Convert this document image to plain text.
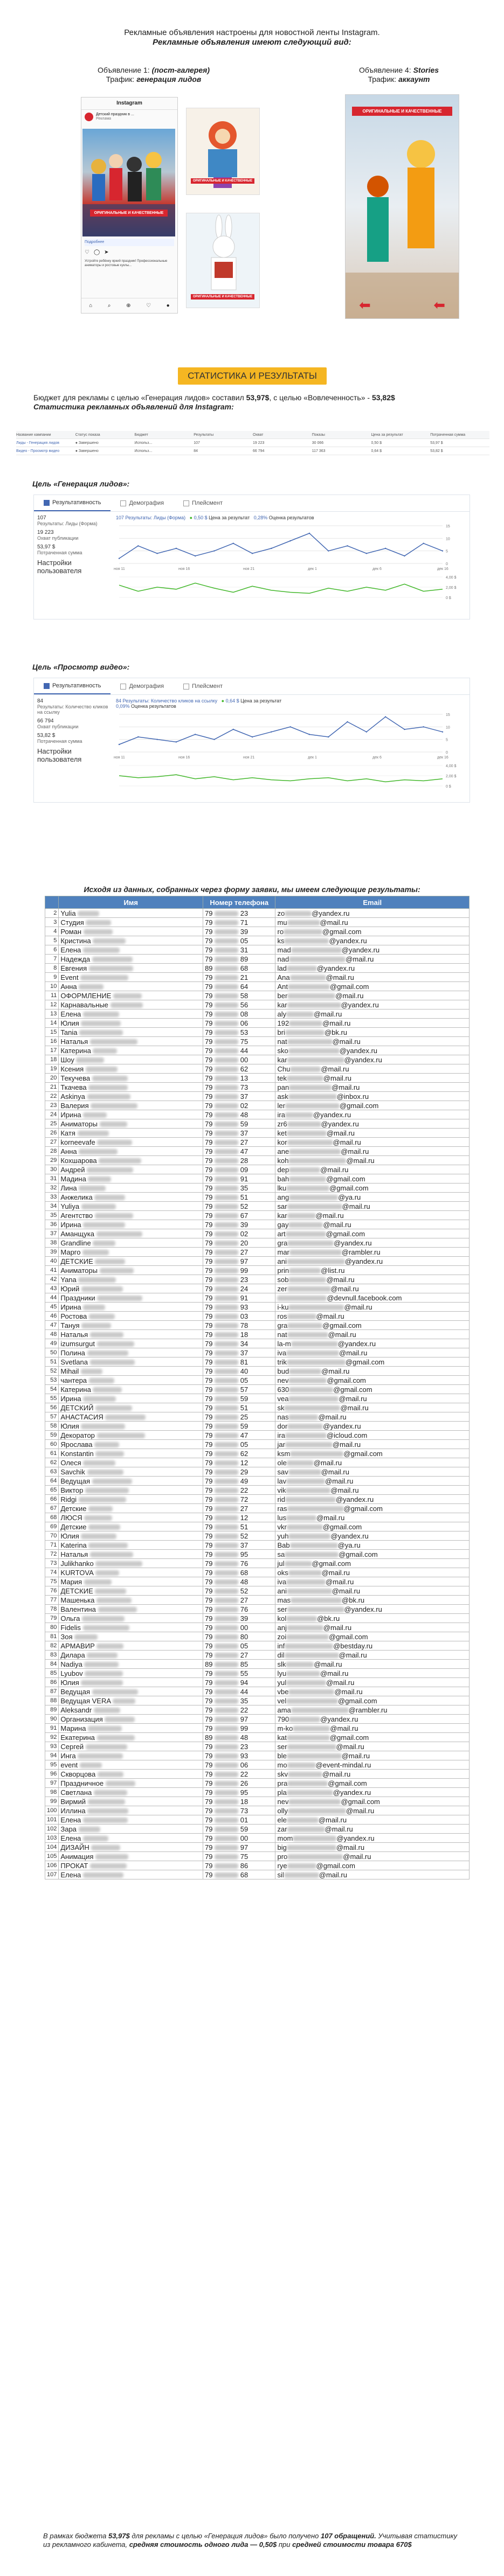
Рекламные объявления настроены для новостной ленты Instagram.
Рекламные объявления имеют следующий вид:
Объявление 1: (пост-галерея)
Трафик: генерация лидов
Объявление 4: Stories
Трафик: аккаунт
Instagram
Детский праздник в ...
Реклама
ОРИГИНАЛЬНЫЕ И КАЧЕСТВЕННЫЕ
Подробнее
♡ ◯ ➤
Устройте ребёнку яркий праздник! Профессиональные аниматоры и ростовые куклы...
⌂	⌕	⊕	♡	●
ОРИГИНАЛЬНЫЕ И КАЧЕСТВЕННЫЕ
ОРИГИНАЛЬНЫЕ И КАЧЕСТВЕННЫЕ
ОРИГИНАЛЬНЫЕ И КАЧЕСТВЕННЫЕ
⬅	⬅
СТАТИСТИКА И РЕЗУЛЬТАТЫ
Бюджет для рекламы с целью «Генерация лидов» составил 53,97$, с целью «Вовлеченность» - 53,82$
Статистика рекламных объявлений для Instagram:
Название кампании	Статус показа	Бюджет	Результаты	Охват	Показы	Цена за результат	Потраченная сумма
Лиды - Генерация лидов	● Завершено	Использ...	107	19 223	30 066	0,50 $	53,97 $
Видео - Просмотр видео	● Завершено	Использ...	84	66 794	117 363	0,64 $	53,82 $
Цель «Генерация лидов»:
Результативность	Демография	Плейсмент
107
Результаты: Лиды (Форма)
19 223
Охват публикации
53,97 $
Потраченная сумма
Настройки пользователя
107 Результаты: Лиды (Форма) ● 0,50 $ Цена за результат 0,28% Оценка результатов
15
10
5
0
ноя 11	ноя 16	ноя 21	дек 1	дек 6	дек 16
4,00 $
2,00 $
0 $
Цель «Просмотр видео»:
Результативность	Демография	Плейсмент
84
Результаты: Количество кликов на ссылку
66 794
Охват публикации
53,82 $
Потраченная сумма
Настройки пользователя
84 Результаты: Количество кликов на ссылку ● 0,64 $ Цена за результат
0,09% Оценка результатов
15
10
5
0
ноя 11	ноя 16	ноя 21	дек 1	дек 6	дек 16
4,00 $
2,00 $
0 $
Исходя из данных, собранных через форму заявки, мы имеем следующие результаты:
	Имя	Номер телефона	Email
2	Yulia	79 23	zo @yandex.ru
3	Студия	79 71	mu @mail.ru
4	Роман	79 39	ro @gmail.com
5	Кристина	79 05	ks @yandex.ru
6	Елена	79 31	mad @yandex.ru
7	Надежда	79 89	nad @mail.ru
8	Евгения	89 68	lad @yandex.ru
9	Event	79 21	Ana @mail.ru
10	Анна	79 64	Ant @gmail.com
11	ОФОРМЛЕНИЕ	79 58	ber @mail.ru
12	Карнавальные	79 56	kar @yandex.ru
13	Елена	79 08	aly @mail.ru
14	Юлия	79 06	192 @mail.ru
15	Tania	79 53	bri @bk.ru
16	Наталья	79 75	nat @mail.ru
17	Катерина	79 44	sko @yandex.ru
18	Шоу	79 00	kar @yandex.ru
19	Ксения	79 62	Chu @mail.ru
20	Текучева	79 13	tek @mail.ru
21	Ткачева	79 73	pan @mail.ru
22	Askinya	79 37	ask @inbox.ru
23	Валерия	79 02	ler @gmail.com
24	Ирина	79 48	ira @yandex.ru
25	Аниматоры	79 59	zr6 @yandex.ru
26	Катя	79 37	ket @mail.ru
27	korneevafe	79 27	kor @mail.ru
28	Анна	79 47	ane @mail.ru
29	Кохшарова	79 28	koh @mail.ru
30	Андрей	79 09	dep @mail.ru
31	Мадина	79 91	bah @gmail.com
32	Лина	79 35	lku @gmail.com
33	Анжелика	79 51	ang @ya.ru
34	Yuliya	79 52	sar @mail.ru
35	Агентство	79 67	kar @mail.ru
36	Ирина	79 39	gay @mail.ru
37	Аманщука	79 02	art @gmail.com
38	Grandline	79 20	gra @yandex.ru
39	Марго	79 27	mar @rambler.ru
40	ДЕТСКИЕ	79 97	ani @yandex.ru
41	Аниматоры	79 99	prin @list.ru
42	Yana	79 23	sob @mail.ru
43	Юрий	79 24	zer @mail.ru
44	Праздники	79 91	@devnull.facebook.com
45	Ирина	79 93	i-ku @mail.ru
46	Ростова	79 03	ros @mail.ru
47	Тануя	79 78	gra @gmail.com
48	Наталья	79 18	nat @mail.ru
49	izumsurgut	79 34	la-m @yandex.ru
50	Полина	79 37	iva @mail.ru
51	Svetlana	79 81	trik @gmail.com
52	Mihail	79 40	bud @mail.ru
53	чантера	79 05	nev @gmail.com
54	Катерина	79 57	630 @gmail.com
55	Ирина	79 59	vea @mail.ru
56	ДЕТСКИЙ	79 51	sk @mail.ru
57	АНАСТАСИЯ	79 25	nas @mail.ru
58	Юлия	79 59	dor @yandex.ru
59	Декоратор	79 47	ira @icloud.com
60	Ярослава	79 05	jar @mail.ru
61	Konstantin	79 62	ksm @gmail.com
62	Олеся	79 12	ole @mail.ru
63	Savchik	79 29	sav @mail.ru
64	Ведущая	79 49	lav @mail.ru
65	Виктор	79 22	vik @mail.ru
66	Ridgi	79 72	rid @yandex.ru
67	Детские	79 27	ras @gmail.com
68	ЛЮСЯ	79 12	lus @mail.ru
69	Детские	79 51	vkr @gmail.com
70	Юлия	79 52	yuh @yandex.ru
71	Katerina	79 37	Bab @ya.ru
72	Наталья	79 95	sa @gmail.com
73	Julikhanko	79 76	jul @gmail.com
74	KURTOVA	79 68	oks @mail.ru
75	Мария	79 48	iva @mail.ru
76	ДЕТСКИЕ	79 52	ani @mail.ru
77	Машенька	79 27	mas @bk.ru
78	Валентина	79 76	ser @yandex.ru
79	Ольга	79 39	kol @bk.ru
80	Fidelis	79 00	anj @mail.ru
81	Зоя	79 80	zoi @gmail.com
82	АРМАВИР	79 05	inf @bestday.ru
83	Дилара	79 27	dil @mail.ru
84	Nadiya	89 85	slk @mail.ru
85	Lyubov	79 55	lyu @mail.ru
86	Юлия	79 94	yul @mail.ru
87	Ведущая	79 44	vbe @mail.ru
88	Ведущая VERA	79 35	vel @gmail.com
89	Aleksandr	79 22	ama @rambler.ru
90	Организация	79 97	790 @yandex.ru
91	Марина	79 99	m-ko @mail.ru
92	Екатерина	89 48	kat @gmail.com
93	Сергей	79 23	ser @mail.ru
94	Инга	79 93	ble @mail.ru
95	event	79 06	mo @event-mindal.ru
96	Скворцова	79 22	skv @mail.ru
97	Праздничное	79 26	pra @gmail.com
98	Светлана	79 95	pla @yandex.ru
99	Вирмий	79 18	nev @gmail.com
100	Иллина	79 73	olly @mail.ru
101	Елена	79 01	ele @mail.ru
102	Зара	79 59	zar @mail.ru
103	Елена	79 00	mom @yandex.ru
104	ДИЗАЙН	79 97	big @mail.ru
105	Анимация	79 75	pro @mail.ru
106	ПРОКАТ	79 86	rye @gmail.com
107	Елена	79 68	sil @mail.ru
В рамках бюджета 53,97$ для рекламы с целью «Генерация лидов» было получено 107 обращений. Учитывая статистику из рекламного кабинета, средняя стоимость одного лида — 0,50$ при средней стоимости товара 670$
